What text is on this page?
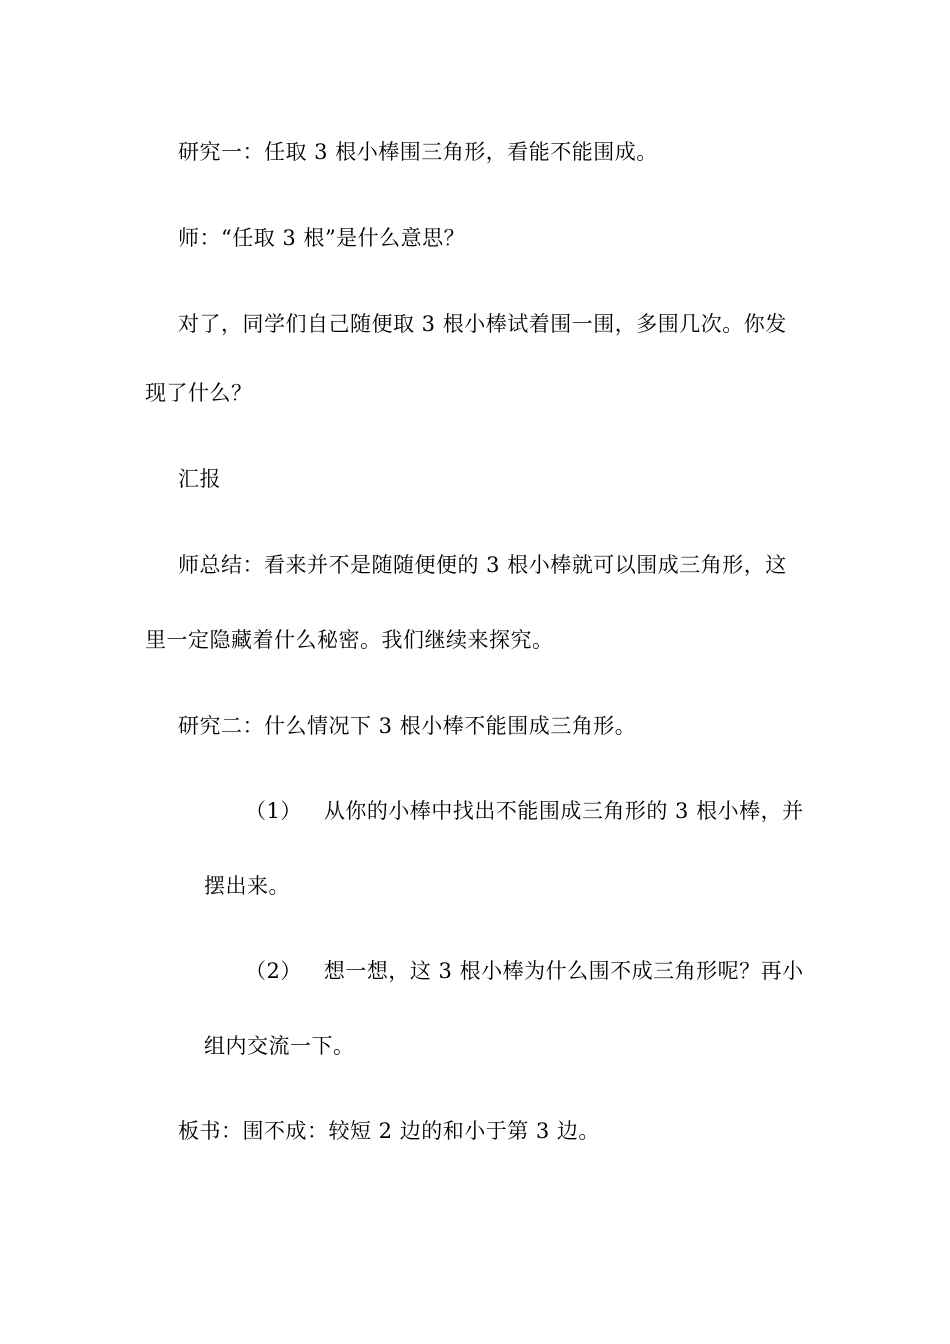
研究一：任取 3 根小棒围三角形，看能不能围成。
师：“任取 3 根”是什么意思？
对了，同学们自己随便取 3 根小棒试着围一围，多围几次。你发
现了什么？
汇报
师总结：看来并不是随随便便的 3 根小棒就可以围成三角形，这
里一定隐藏着什么秘密。我们继续来探究。
研究二：什么情况下 3 根小棒不能围成三角形。
（1） 从你的小棒中找出不能围成三角形的 3 根小棒，并
摆出来。
（2） 想一想，这 3 根小棒为什么围不成三角形呢？再小
组内交流一下。
板书：围不成：较短 2 边的和小于第 3 边。
